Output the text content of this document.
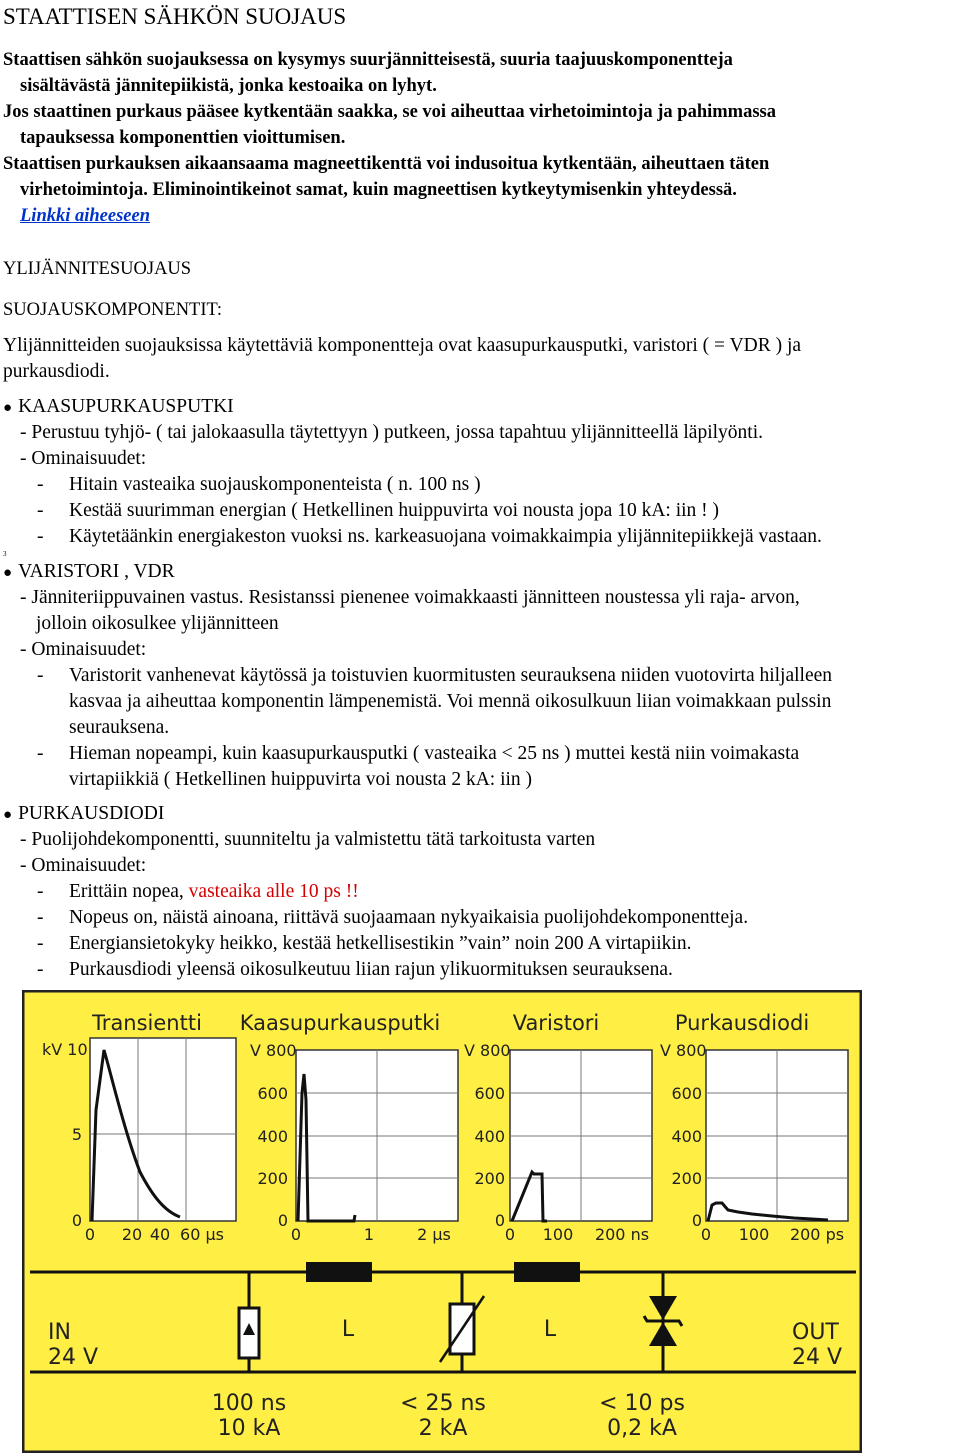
STAATTISEN SÄHKÖN SUOJAUS
Staattisen sähkön suojauksessa on kysymys suurjännitteisestä, suuria taajuuskomponentteja
sisältävästä jännitepiikistä, jonka kestoaika on lyhyt.
Jos staattinen purkaus pääsee kytkentään saakka, se voi aiheuttaa virhetoimintoja ja pahimmassa
tapauksessa komponenttien vioittumisen.
Staattisen purkauksen aikaansaama magneettikenttä voi indusoitua kytkentään, aiheuttaen täten
virhetoimintoja. Eliminointikeinot samat, kuin magneettisen kytkeytymisenkin yhteydessä.
Linkki aiheeseen
YLIJÄNNITESUOJAUS
SUOJAUSKOMPONENTIT:
Ylijännitteiden suojauksissa käytettäviä komponentteja ovat kaasupurkausputki, varistori ( = VDR ) ja
purkausdiodi.
● KAASUPURKAUSPUTKI
- Perustuu tyhjö- ( tai jalokaasulla täytettyyn ) putkeen, jossa tapahtuu ylijännitteellä läpilyönti.
- Ominaisuudet:
- Hitain vasteaika suojauskomponenteista ( n. 100 ns )
- Kestää suurimman energian ( Hetkellinen huippuvirta voi nousta jopa 10 kA: iin ! )
- Käytetäänkin energiakeston vuoksi ns. karkeasuojana voimakkaimpia ylijännitepiikkejä vastaan.
3
● VARISTORI , VDR
- Jänniteriippuvainen vastus. Resistanssi pienenee voimakkaasti jännitteen noustessa yli raja- arvon,
jolloin oikosulkee ylijännitteen
- Ominaisuudet:
- Varistorit vanhenevat käytössä ja toistuvien kuormitusten seurauksena niiden vuotovirta hiljalleen
kasvaa ja aiheuttaa komponentin lämpenemistä. Voi mennä oikosulkuun liian voimakkaan pulssin
seurauksena.
- Hieman nopeampi, kuin kaasupurkausputki ( vasteaika < 25 ns ) muttei kestä niin voimakasta
virtapiikkiä ( Hetkellinen huippuvirta voi nousta 2 kA: iin )
● PURKAUSDIODI
- Puolijohdekomponentti, suunniteltu ja valmistettu tätä tarkoitusta varten
- Ominaisuudet:
- Erittäin nopea, vasteaika alle 10 ps !!
- Nopeus on, näistä ainoana, riittävä suojaamaan nykyaikaisia puolijohdekomponentteja.
- Energiansietokyky heikko, kestää hetkellisestikin ”vain” noin 200 A virtapiikin.
- Purkausdiodi yleensä oikosulkeutuu liian rajun ylikuormituksen seurauksena.
Transientti Kaasupurkausputki	Varistori	Purkausdiodi
kV 10
5
0
0 20 40 60 µs
V 800
600
400
200
0
0	1	2 µs
V 800
600
400
200
0
0 100 200 ns
V 800
600
400
200
0
0 100 200 ps
IN
24 V
OUT
24 V
L	L
100 ns
10 kA
< 25 ns
2 kA
< 10 ps
0,2 kA
